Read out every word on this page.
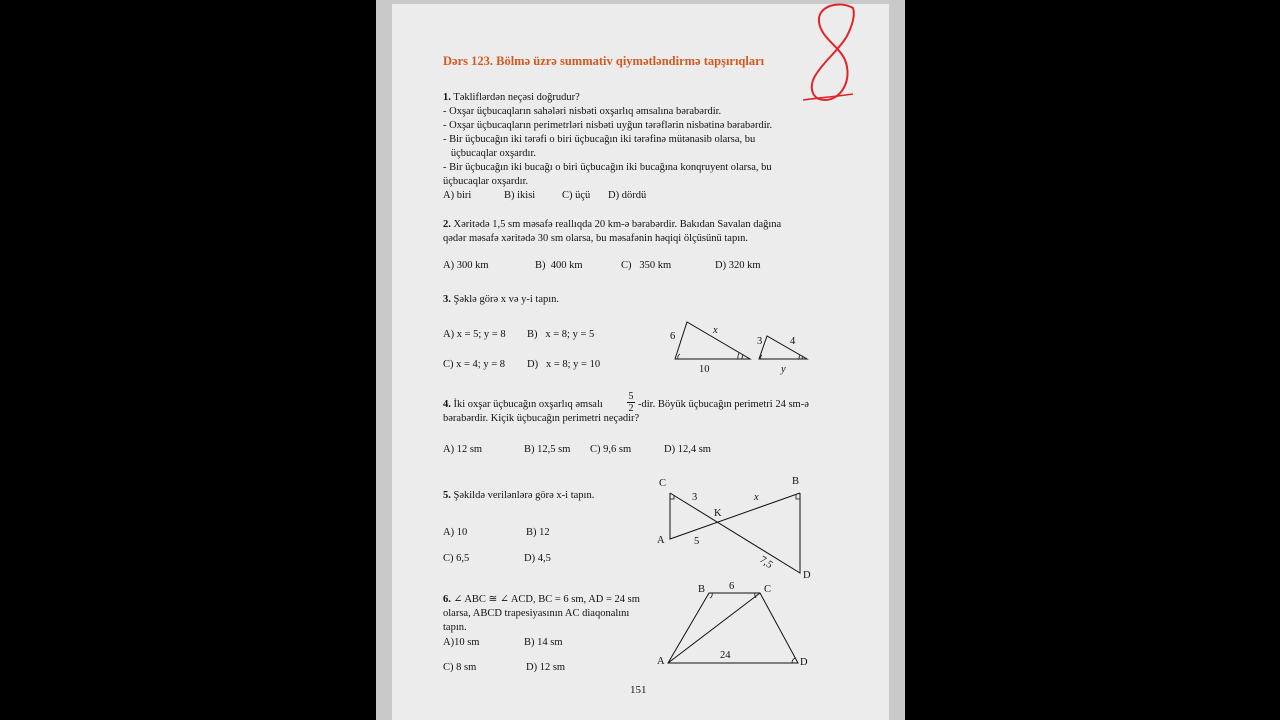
Dərs 123. Bölmə üzrə summativ qiymətləndirmə tapşırıqları
1. Təkliflərdən neçəsi doğrudur?
- Oxşar üçbucaqların sahələri nisbəti oxşarlıq əmsalına bərabərdir.
- Oxşar üçbucaqların perimetrləri nisbəti uyğun tərəflərin nisbətinə bərabərdir.
- Bir üçbucağın iki tərəfi o biri üçbucağın iki tərəfinə mütənasib olarsa, bu
üçbucaqlar oxşardır.
- Bir üçbucağın iki bucağı o biri üçbucağın iki bucağına konqruyent olarsa, bu
üçbucaqlar oxşardır.
A) biri	B) ikisi	C) üçü D) dördü
2. Xəritədə 1,5 sm məsafə reallıqda 20 km-ə bərabərdir. Bakıdan Savalan dağına
qədər məsafə xəritədə 30 sm olarsa, bu məsafənin həqiqi ölçüsünü tapın.
A) 300 km	B)  400 km	C)   350 km	D) 320 km
3. Şəklə görə x və y-i tapın.
A) x = 5; y = 8 B)   x = 8; y = 5
C) x = 4; y = 8 D)   x = 8; y = 10
6
x
10
3	4
y
4. İki oxşar üçbucağın oxşarlıq əmsalı
5
2 -dir. Böyük üçbucağın perimetri 24 sm-ə
bərabərdir. Kiçik üçbucağın perimetri neçədir?
A) 12 sm	B) 12,5 sm C) 9,6 sm	D) 12,4 sm
5. Şəkildə verilənlərə görə x-i tapın.
A) 10	B) 12
C) 6,5	D) 4,5
C	B
3	x
K
A	5
7,5
D
6. ∠ ABC ≅ ∠ ACD, BC = 6 sm, AD = 24 sm
olarsa, ABCD trapesiyasının AC diaqonalını
tapın.
A)10 sm	B) 14 sm
C) 8 sm	D) 12 sm
B 6	C
A
24
D
151
